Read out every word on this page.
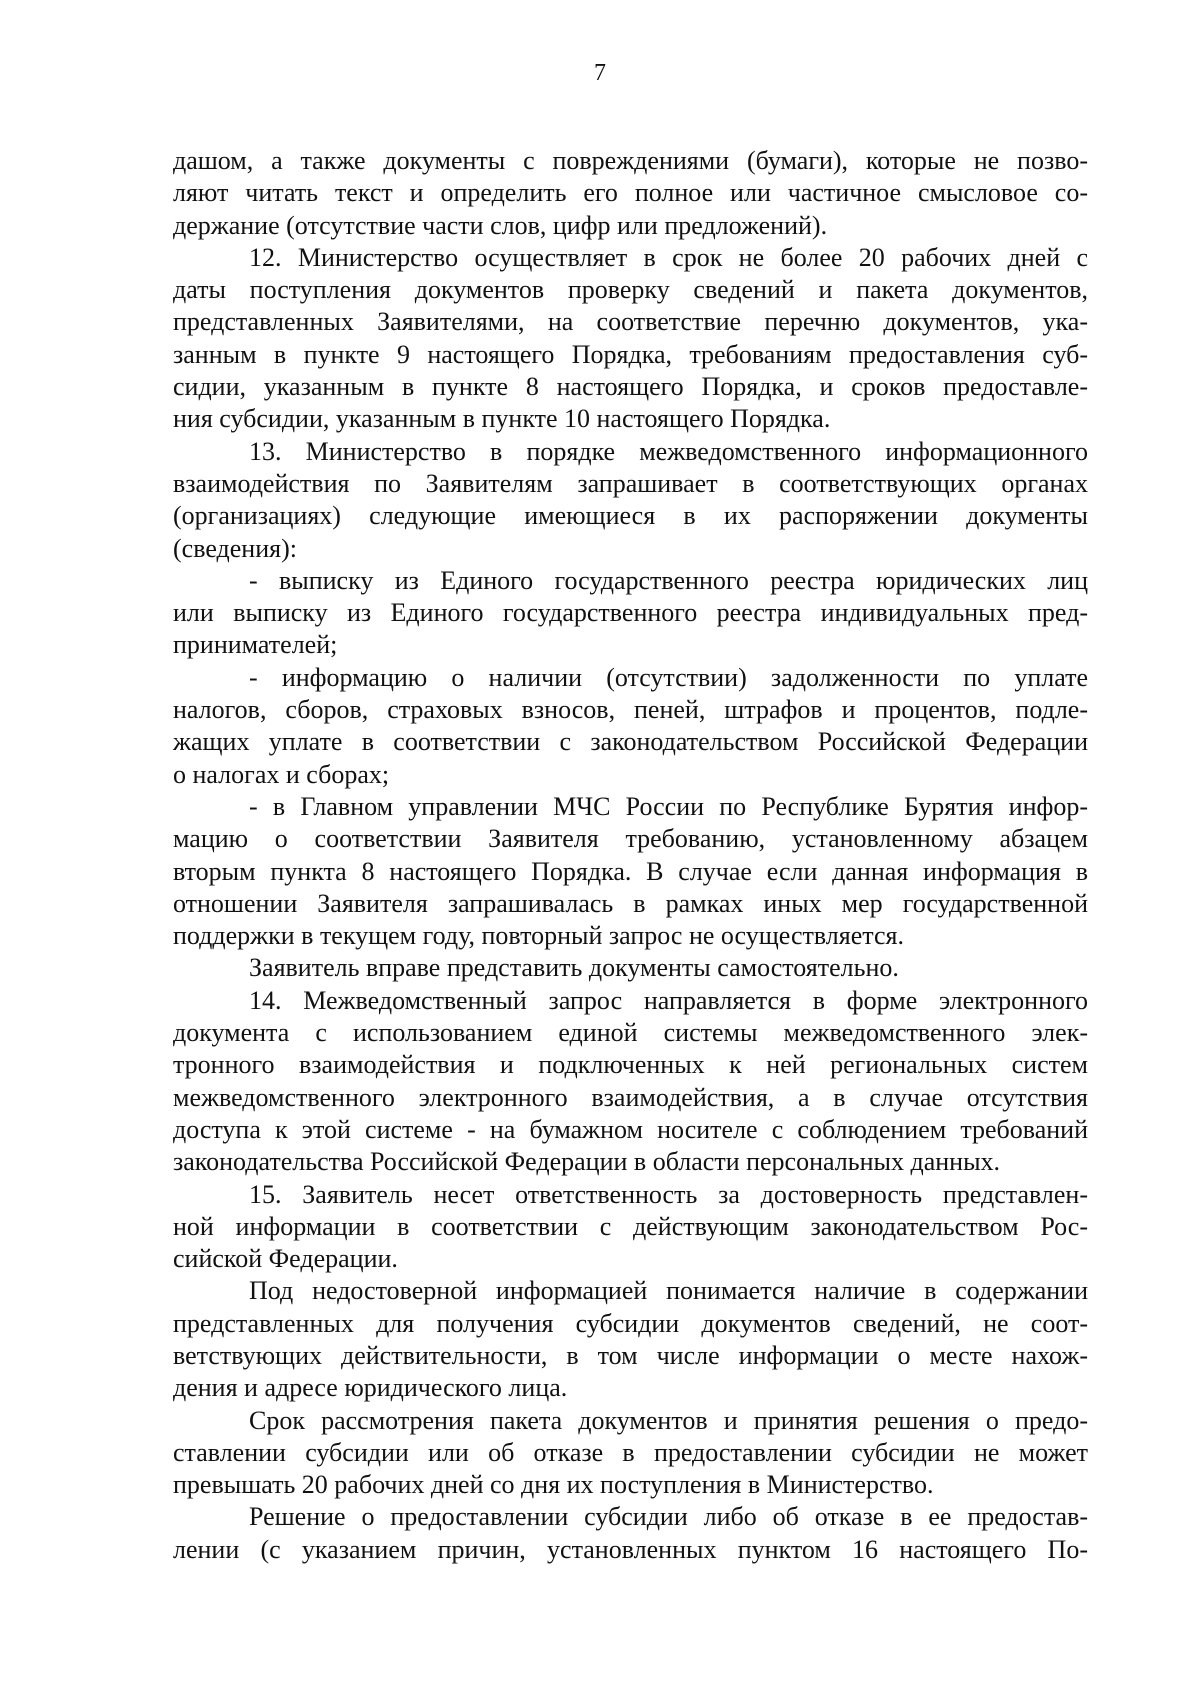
7
дашом, а также документы с повреждениями (бумаги), которые не позво-
ляют читать текст и определить его полное или частичное смысловое со-
держание (отсутствие части слов, цифр или предложений).
12. Министерство осуществляет в срок не более 20 рабочих дней с
даты поступления документов проверку сведений и пакета документов,
представленных Заявителями, на соответствие перечню документов, ука-
занным в пункте 9 настоящего Порядка, требованиям предоставления суб-
сидии, указанным в пункте 8 настоящего Порядка, и сроков предоставле-
ния субсидии, указанным в пункте 10 настоящего Порядка.
13. Министерство в порядке межведомственного информационного
взаимодействия по Заявителям запрашивает в соответствующих органах
(организациях) следующие имеющиеся в их распоряжении документы
(сведения):
- выписку из Единого государственного реестра юридических лиц
или выписку из Единого государственного реестра индивидуальных пред-
принимателей;
- информацию о наличии (отсутствии) задолженности по уплате
налогов, сборов, страховых взносов, пеней, штрафов и процентов, подле-
жащих уплате в соответствии с законодательством Российской Федерации
о налогах и сборах;
- в Главном управлении МЧС России по Республике Бурятия инфор-
мацию о соответствии Заявителя требованию, установленному абзацем
вторым пункта 8 настоящего Порядка. В случае если данная информация в
отношении Заявителя запрашивалась в рамках иных мер государственной
поддержки в текущем году, повторный запрос не осуществляется.
Заявитель вправе представить документы самостоятельно.
14. Межведомственный запрос направляется в форме электронного
документа с использованием единой системы межведомственного элек-
тронного взаимодействия и подключенных к ней региональных систем
межведомственного электронного взаимодействия, а в случае отсутствия
доступа к этой системе - на бумажном носителе с соблюдением требований
законодательства Российской Федерации в области персональных данных.
15. Заявитель несет ответственность за достоверность представлен-
ной информации в соответствии с действующим законодательством Рос-
сийской Федерации.
Под недостоверной информацией понимается наличие в содержании
представленных для получения субсидии документов сведений, не соот-
ветствующих действительности, в том числе информации о месте нахож-
дения и адресе юридического лица.
Срок рассмотрения пакета документов и принятия решения о предо-
ставлении субсидии или об отказе в предоставлении субсидии не может
превышать 20 рабочих дней со дня их поступления в Министерство.
Решение о предоставлении субсидии либо об отказе в ее предостав-
лении (с указанием причин, установленных пунктом 16 настоящего По-
